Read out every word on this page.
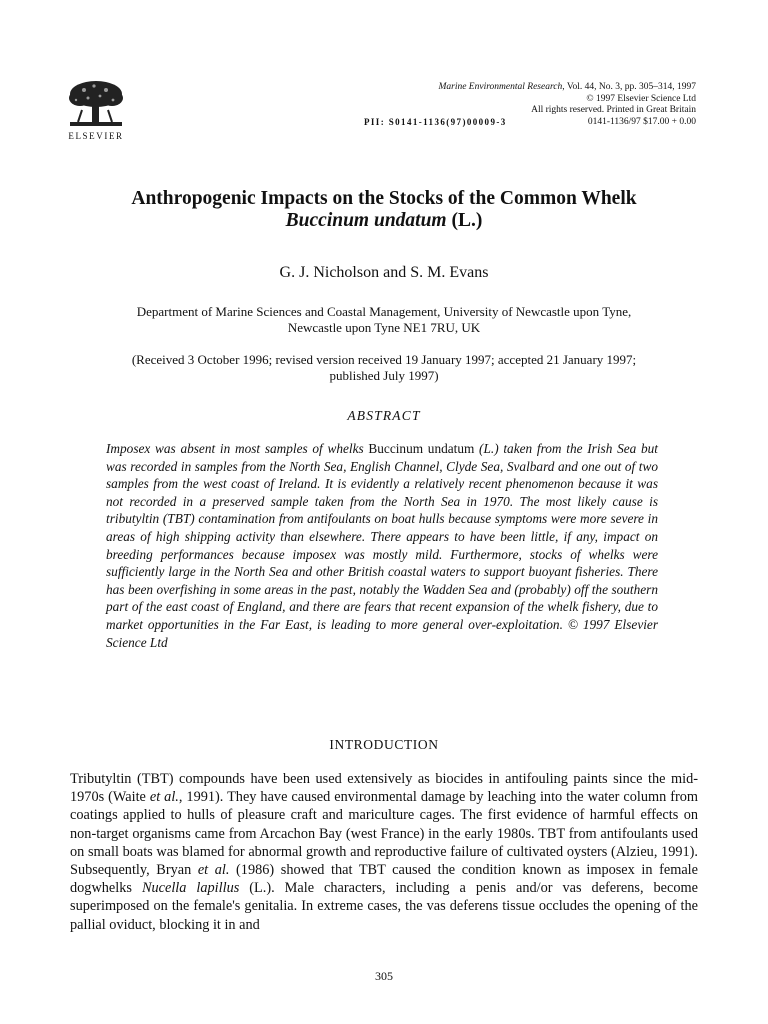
ELSEVIER
Marine Environmental Research, Vol. 44, No. 3, pp. 305–314, 1997
© 1997 Elsevier Science Ltd
All rights reserved. Printed in Great Britain
PII: S0141-1136(97)00009-3	0141-1136/97 $17.00 + 0.00
Anthropogenic Impacts on the Stocks of the Common Whelk
Buccinum undatum (L.)
G. J. Nicholson and S. M. Evans
Department of Marine Sciences and Coastal Management, University of Newcastle upon Tyne,
Newcastle upon Tyne NE1 7RU, UK
(Received 3 October 1996; revised version received 19 January 1997; accepted 21 January 1997;
published July 1997)
ABSTRACT
Imposex was absent in most samples of whelks Buccinum undatum (L.) taken from the Irish Sea but was recorded in samples from the North Sea, English Channel, Clyde Sea, Svalbard and one out of two samples from the west coast of Ireland. It is evidently a relatively recent phenomenon because it was not recorded in a preserved sample taken from the North Sea in 1970. The most likely cause is tributyltin (TBT) contamination from antifoulants on boat hulls because symptoms were more severe in areas of high shipping activity than elsewhere. There appears to have been little, if any, impact on breeding performances because imposex was mostly mild. Furthermore, stocks of whelks were sufficiently large in the North Sea and other British coastal waters to support buoyant fisheries. There has been overfishing in some areas in the past, notably the Wadden Sea and (probably) off the southern part of the east coast of England, and there are fears that recent expansion of the whelk fishery, due to market opportunities in the Far East, is leading to more general over-exploitation. © 1997 Elsevier Science Ltd
INTRODUCTION
Tributyltin (TBT) compounds have been used extensively as biocides in antifouling paints since the mid-1970s (Waite et al., 1991). They have caused environmental damage by leaching into the water column from coatings applied to hulls of pleasure craft and mariculture cages. The first evidence of harmful effects on non-target organisms came from Arcachon Bay (west France) in the early 1980s. TBT from antifoulants used on small boats was blamed for abnormal growth and reproductive failure of cultivated oysters (Alzieu, 1991). Subsequently, Bryan et al. (1986) showed that TBT caused the condition known as imposex in female dogwhelks Nucella lapillus (L.). Male characters, including a penis and/or vas deferens, become superimposed on the female's genitalia. In extreme cases, the vas deferens tissue occludes the opening of the pallial oviduct, blocking it in and
305
